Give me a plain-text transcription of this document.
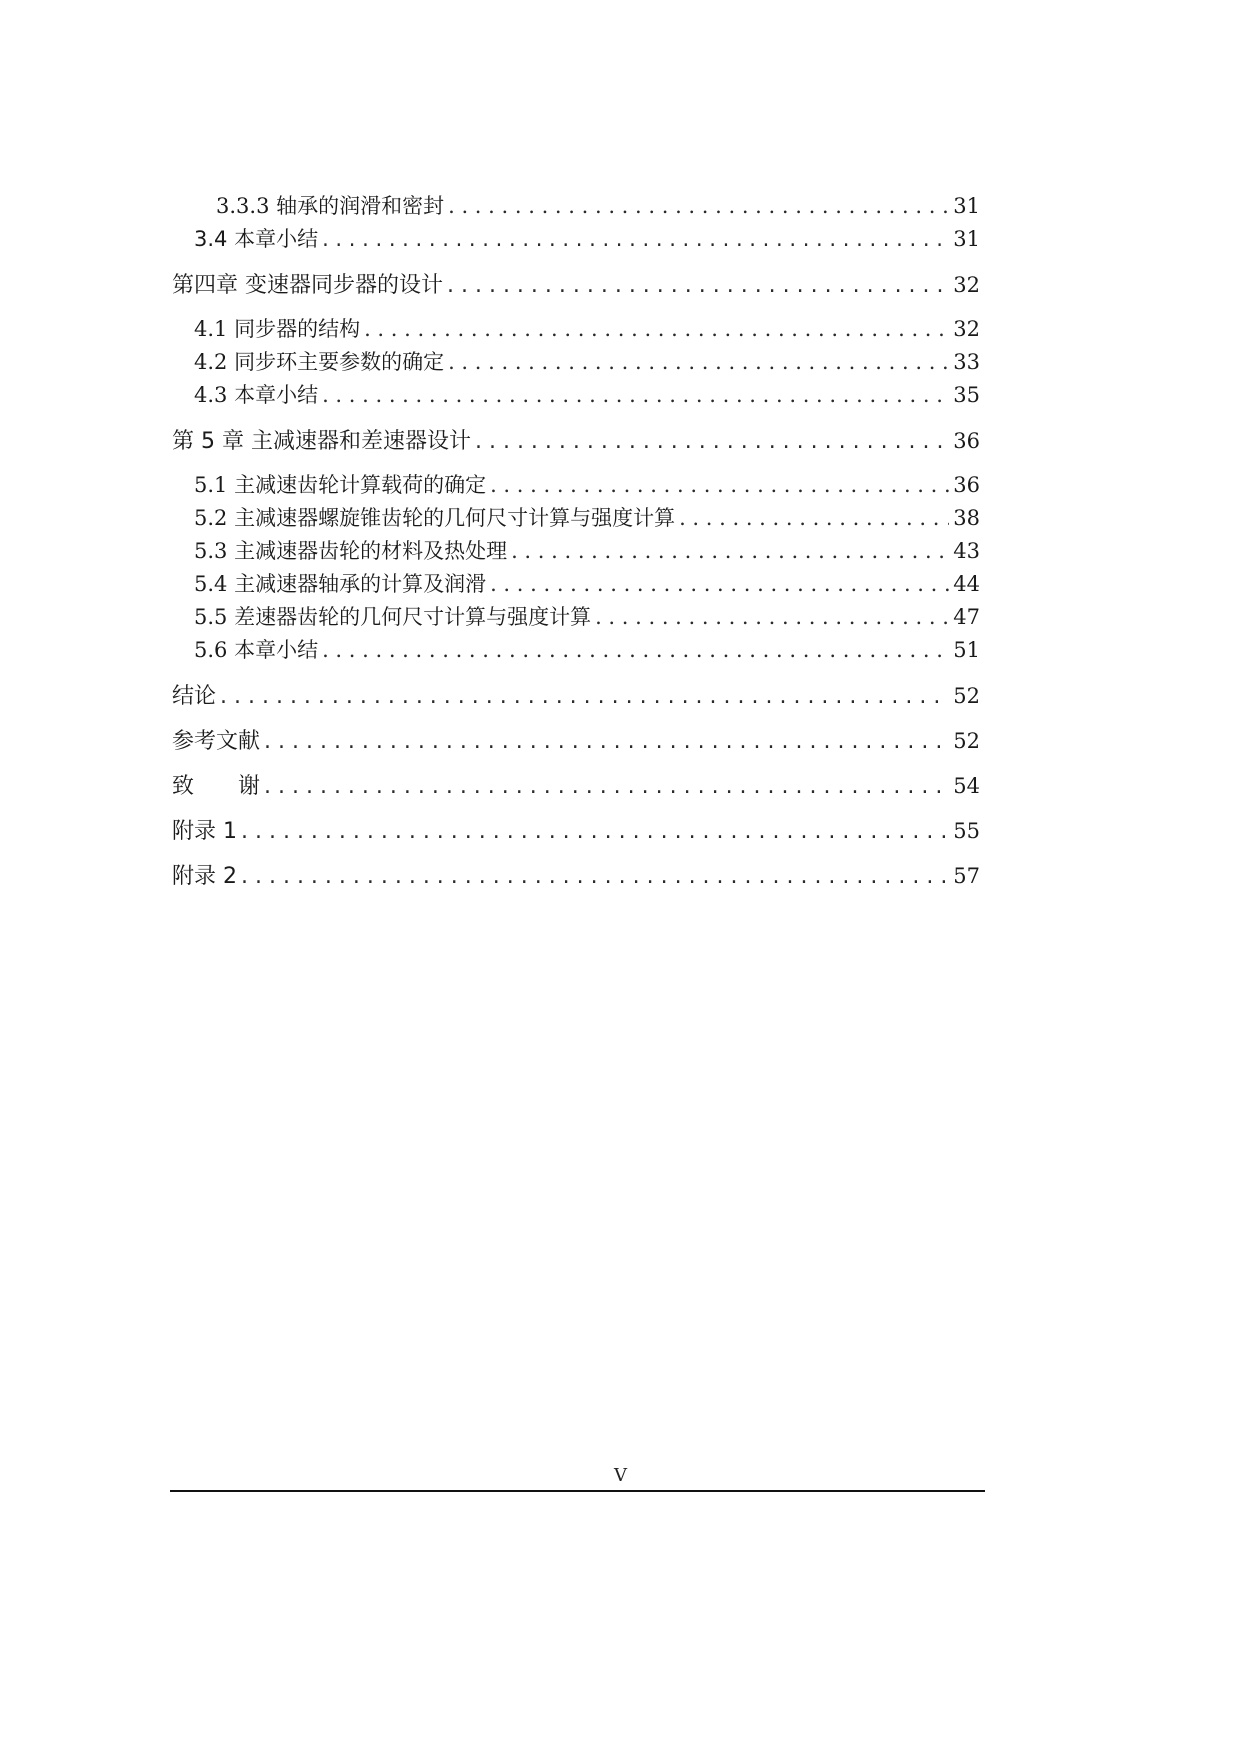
3.3.3 轴承的润滑和密封 . . .	31
3.4 本章小结 . . .	31
第四章 变速器同步器的设计 . . .	32
4.1 同步器的结构 . . .	32
4.2 同步环主要参数的确定 . . .	33
4.3 本章小结 . . .	35
第 5 章 主减速器和差速器设计 . . .	36
5.1 主减速齿轮计算载荷的确定 . . .	36
5.2 主减速器螺旋锥齿轮的几何尺寸计算与强度计算 . . .	38
5.3 主减速器齿轮的材料及热处理 . . .	43
5.4 主减速器轴承的计算及润滑 . . .	44
5.5 差速器齿轮的几何尺寸计算与强度计算 . . .	47
5.6 本章小结 . . .	51
结论 . . .	52
参考文献 . . .	52
致　　谢 . . .	54
附录 1 . . .	55
附录 2 . . .	57
V
